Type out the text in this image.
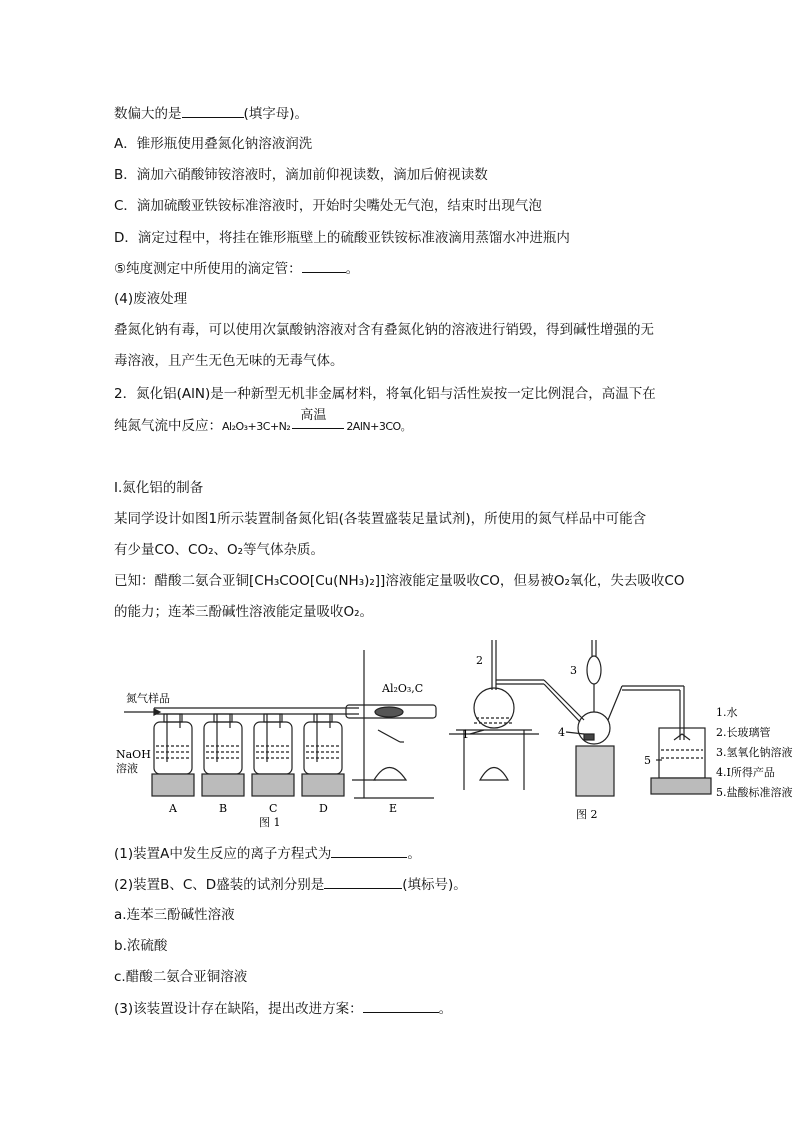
数偏大的是	(填字母)。
A．锥形瓶使用叠氮化钠溶液润洗
B．滴加六硝酸铈铵溶液时，滴加前仰视读数，滴加后俯视读数
C．滴加硫酸亚铁铵标准溶液时，开始时尖嘴处无气泡，结束时出现气泡
D．滴定过程中，将挂在锥形瓶壁上的硫酸亚铁铵标准液滴用蒸馏水冲进瓶内
⑤纯度测定中所使用的滴定管：	。
(4)废液处理
叠氮化钠有毒，可以使用次氯酸钠溶液对含有叠氮化钠的溶液进行销毁，得到碱性增强的无
毒溶液，且产生无色无味的无毒气体。
2．氮化铝(AlN)是一种新型无机非金属材料，将氧化铝与活性炭按一定比例混合，高温下在
I.氮化铝的制备
某同学设计如图1所示装置制备氮化铝(各装置盛装足量试剂)，所使用的氮气样品中可能含
有少量CO、CO₂、O₂等气体杂质。
已知：醋酸二氨合亚铜[CH₃COO[Cu(NH₃)₂]]溶液能定量吸收CO，但易被O₂氧化，失去吸收CO
的能力；连苯三酚碱性溶液能定量吸收O₂。
(1)装置A中发生反应的离子方程式为	。
(2)装置B、C、D盛装的试剂分别是	(填标号)。
a.连苯三酚碱性溶液
b.浓硫酸
c.醋酸二氨合亚铜溶液
(3)该装置设计存在缺陷，提出改进方案：	。
纯氮气流中反应：Al₂O₃+3C+N₂
高温
2AlN+3CO。
氮气样品
NaOH
溶液
Al₂O₃,C
A	B	C	D	E
图 1
1
2
3
4
5
图 2
1.水
2.长玻璃管
3.氢氧化钠溶液
4.Ⅰ所得产品
5.盐酸标准溶液
